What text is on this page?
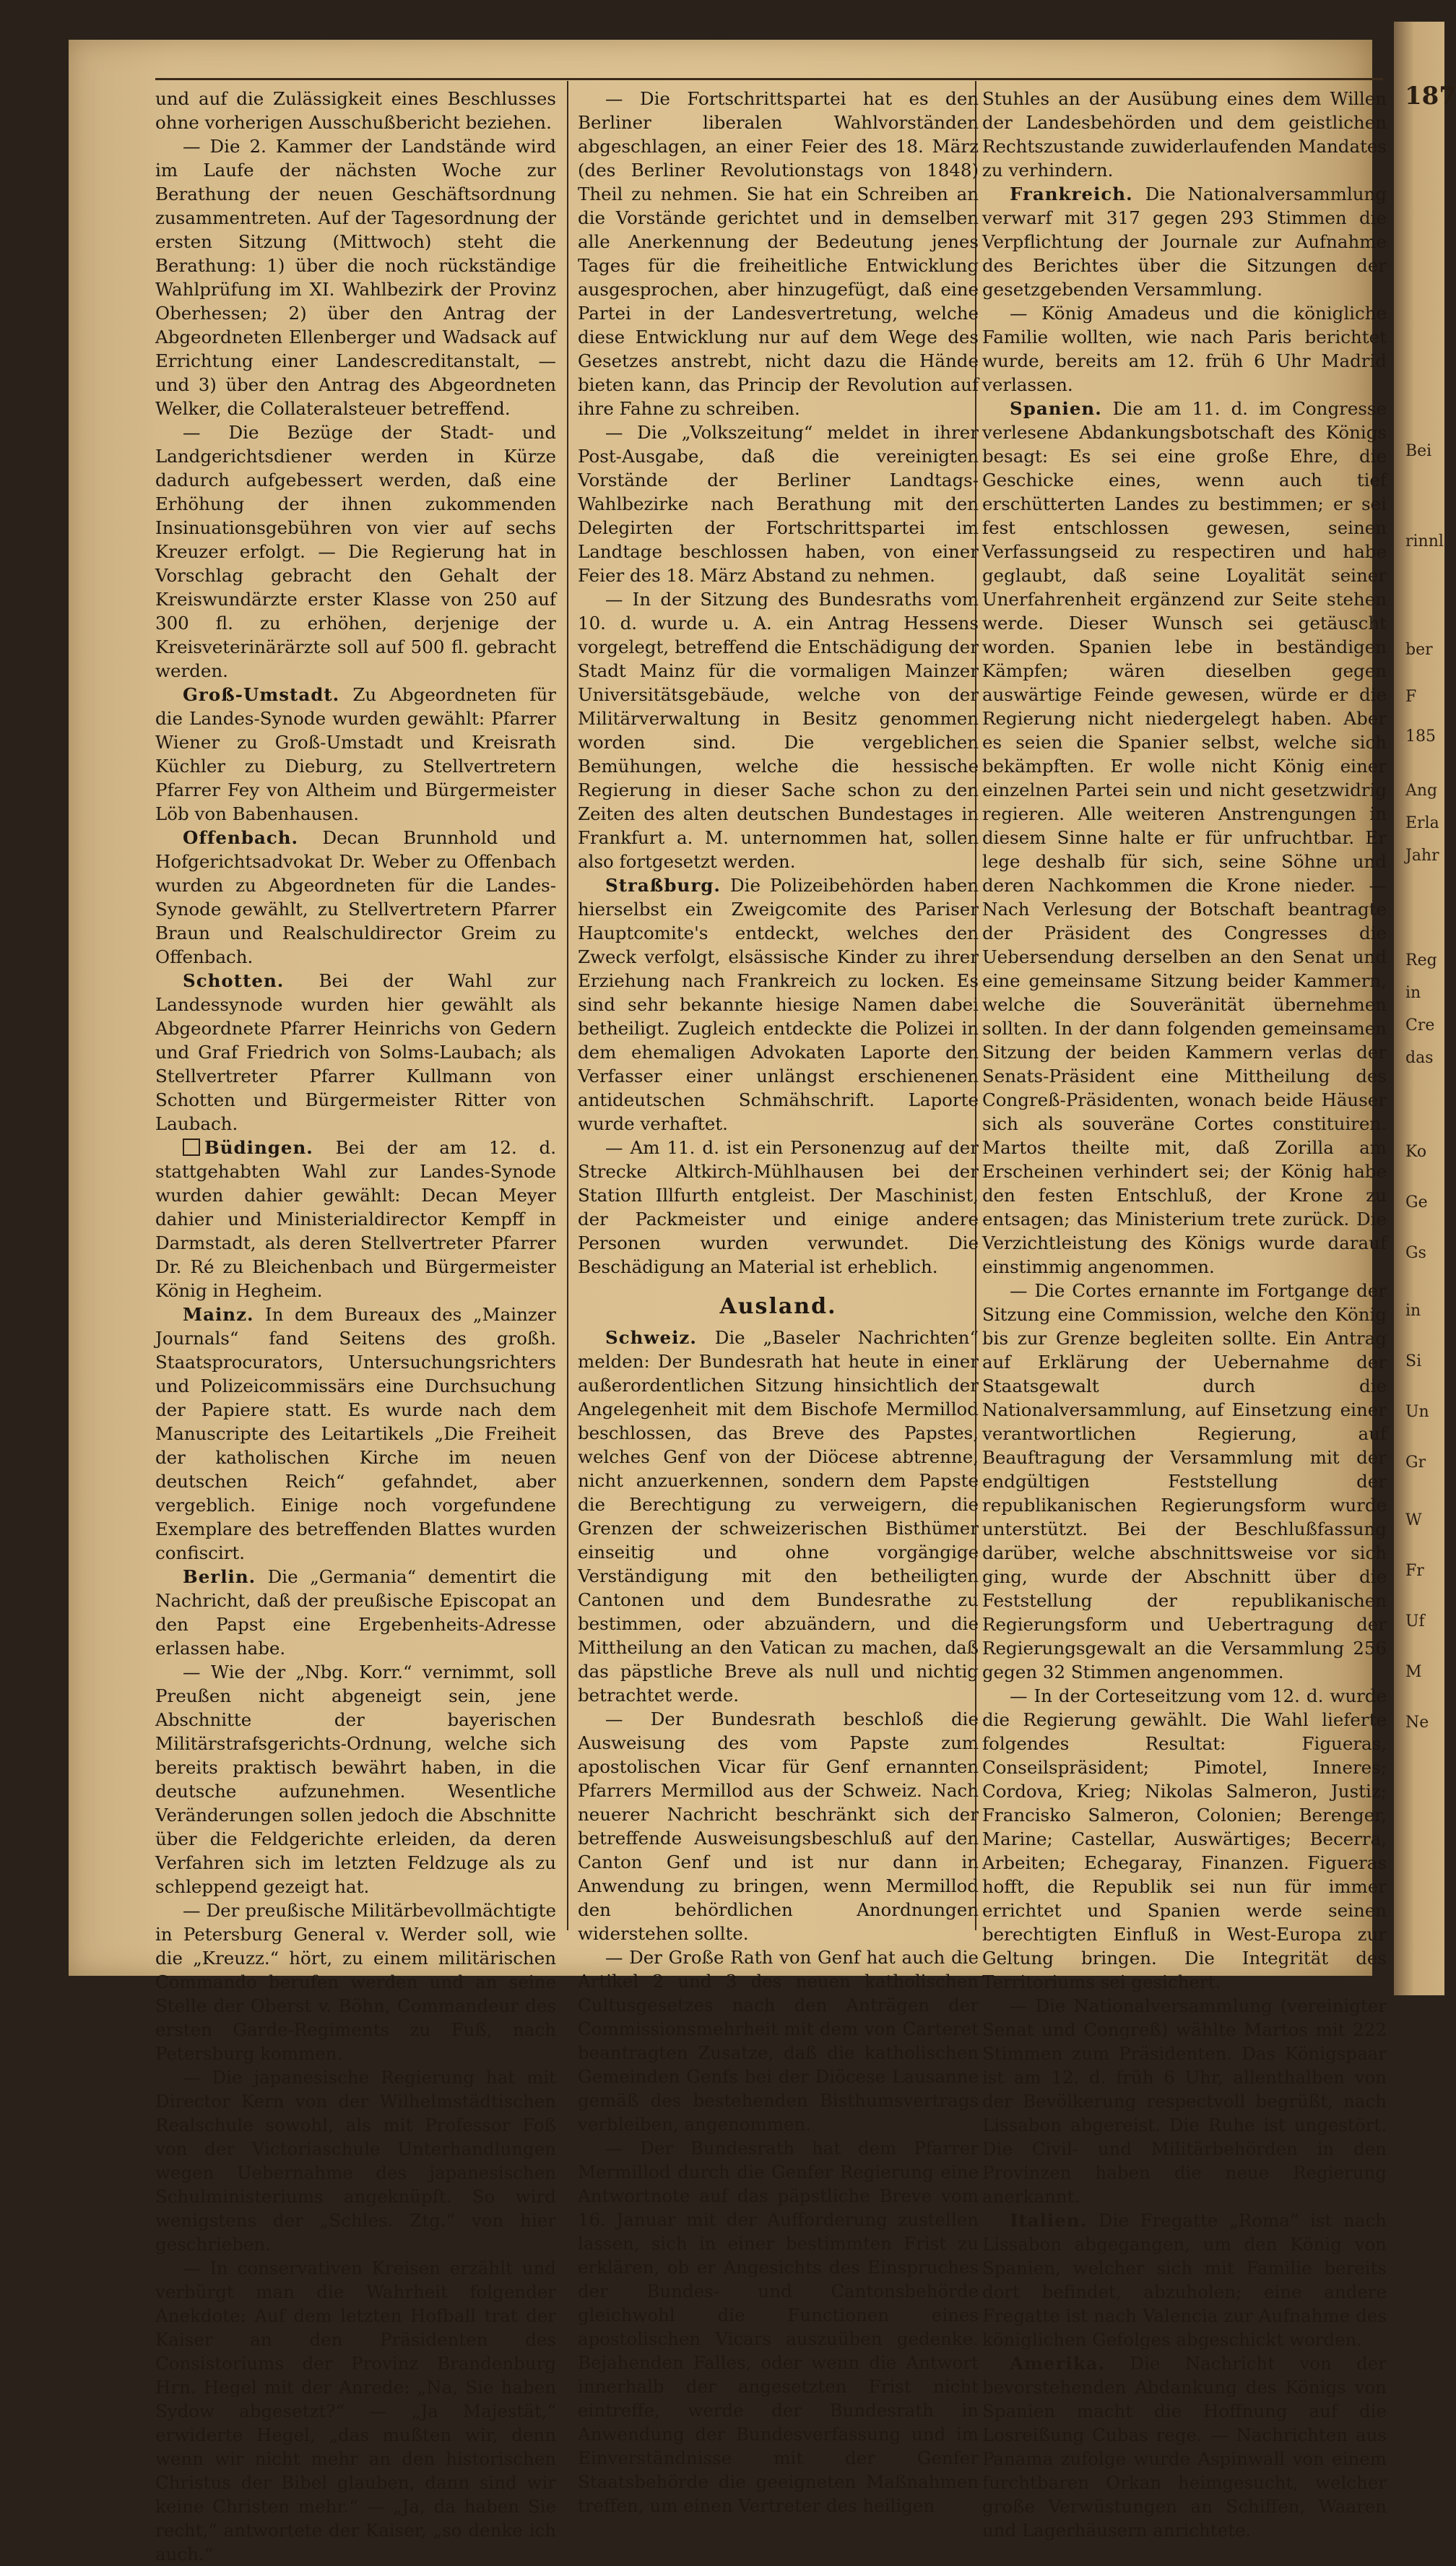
187

und auf die Zulässigkeit eines Beschlusses ohne vorherigen Ausschußbericht beziehen.

— Die 2. Kammer der Landstände wird im Laufe der nächsten Woche zur Berathung der neuen Geschäftsordnung zusammentreten. Auf der Tagesordnung der ersten Sitzung (Mittwoch) steht die Berathung: 1) über die noch rückständige Wahlprüfung im XI. Wahlbezirk der Provinz Oberhessen; 2) über den Antrag der Abgeordneten Ellenberger und Wadsack auf Errichtung einer Landescreditanstalt, — und 3) über den Antrag des Abgeordneten Welker, die Collateralsteuer betreffend.

— Die Bezüge der Stadt- und Landgerichtsdiener werden in Kürze dadurch aufgebessert werden, daß eine Erhöhung der ihnen zukommenden Insinuationsgebühren von vier auf sechs Kreuzer erfolgt. — Die Regierung hat in Vorschlag gebracht den Gehalt der Kreiswundärzte erster Klasse von 250 auf 300 fl. zu erhöhen, derjenige der Kreisveterinärärzte soll auf 500 fl. gebracht werden.

Groß-Umstadt. Zu Abgeordneten für die Landes-Synode wurden gewählt: Pfarrer Wiener zu Groß-Umstadt und Kreisrath Küchler zu Dieburg, zu Stellvertretern Pfarrer Fey von Altheim und Bürgermeister Löb von Babenhausen.

Offenbach. Decan Brunnhold und Hofgerichtsadvokat Dr. Weber zu Offenbach wurden zu Abgeordneten für die Landes-Synode gewählt, zu Stellvertretern Pfarrer Braun und Realschuldirector Greim zu Offenbach.

Schotten. Bei der Wahl zur Landessynode wurden hier gewählt als Abgeordnete Pfarrer Heinrichs von Gedern und Graf Friedrich von Solms-Laubach; als Stellvertreter Pfarrer Kullmann von Schotten und Bürgermeister Ritter von Laubach.

Büdingen. Bei der am 12. d. stattgehabten Wahl zur Landes-Synode wurden dahier gewählt: Decan Meyer dahier und Ministerialdirector Kempff in Darmstadt, als deren Stellvertreter Pfarrer Dr. Ré zu Bleichenbach und Bürgermeister König in Hegheim.

Mainz. In dem Bureaux des „Mainzer Journals“ fand Seitens des großh. Staatsprocurators, Untersuchungsrichters und Polizeicommissärs eine Durchsuchung der Papiere statt. Es wurde nach dem Manuscripte des Leitartikels „Die Freiheit der katholischen Kirche im neuen deutschen Reich“ gefahndet, aber vergeblich. Einige noch vorgefundene Exemplare des betreffenden Blattes wurden confiscirt.

Berlin. Die „Germania“ dementirt die Nachricht, daß der preußische Episcopat an den Papst eine Ergebenheits-Adresse erlassen habe.

— Wie der „Nbg. Korr.“ vernimmt, soll Preußen nicht abgeneigt sein, jene Abschnitte der bayerischen Militärstrafsgerichts-Ordnung, welche sich bereits praktisch bewährt haben, in die deutsche aufzunehmen. Wesentliche Veränderungen sollen jedoch die Abschnitte über die Feldgerichte erleiden, da deren Verfahren sich im letzten Feldzuge als zu schleppend gezeigt hat.

— Der preußische Militärbevollmächtigte in Petersburg General v. Werder soll, wie die „Kreuzz.“ hört, zu einem militärischen Commando berufen werden und an seine Stelle der Oberst v. Böhn, Commandeur des ersten Garde-Regiments zu Fuß, nach Petersburg kommen.

— Die japanesische Regierung hat mit Director Kern von der Wilhelmstädtischen Realschule sowohl, als mit Professor Foß von der Victoriaschule Unterhandlungen wegen Uebernahme des japanesischen Schulministeriums angeknüpft. So wird wenigstens der „Schles. Ztg.“ von hier geschrieben.

— In conservativen Kreisen erzählt und verbürgt man die Wahrheit folgender Anekdote: Auf dem letzten Hofball trat der Kaiser an den Präsidenten des Consistoriums der Provinz Brandenburg Hrn. Hegel mit der Anrede: „Na, Sie haben Sydow abgesetzt?“ — „Ja Majestät,“ erwiderte Hegel, „das mußten wir, denn wenn wir nicht mehr an den historischen Christus der Bibel glauben, dann sind wir keine Christen mehr.“ — „Ja, da haben Sie recht,“ antwortete der Kaiser, „so denke ich auch.“

— Die Fortschrittspartei hat es den Berliner liberalen Wahlvorständen abgeschlagen, an einer Feier des 18. März (des Berliner Revolutionstags von 1848) Theil zu nehmen. Sie hat ein Schreiben an die Vorstände gerichtet und in demselben alle Anerkennung der Bedeutung jenes Tages für die freiheitliche Entwicklung ausgesprochen, aber hinzugefügt, daß eine Partei in der Landesvertretung, welche diese Entwicklung nur auf dem Wege des Gesetzes anstrebt, nicht dazu die Hände bieten kann, das Princip der Revolution auf ihre Fahne zu schreiben.

— Die „Volkszeitung“ meldet in ihrer Post-Ausgabe, daß die vereinigten Vorstände der Berliner Landtags-Wahlbezirke nach Berathung mit den Delegirten der Fortschrittspartei im Landtage beschlossen haben, von einer Feier des 18. März Abstand zu nehmen.

— In der Sitzung des Bundesraths vom 10. d. wurde u. A. ein Antrag Hessens vorgelegt, betreffend die Entschädigung der Stadt Mainz für die vormaligen Mainzer Universitätsgebäude, welche von der Militärverwaltung in Besitz genommen worden sind. Die vergeblichen Bemühungen, welche die hessische Regierung in dieser Sache schon zu den Zeiten des alten deutschen Bundestages in Frankfurt a. M. unternommen hat, sollen also fortgesetzt werden.

Straßburg. Die Polizeibehörden haben hierselbst ein Zweigcomite des Pariser Hauptcomite's entdeckt, welches den Zweck verfolgt, elsässische Kinder zu ihrer Erziehung nach Frankreich zu locken. Es sind sehr bekannte hiesige Namen dabei betheiligt. Zugleich entdeckte die Polizei in dem ehemaligen Advokaten Laporte den Verfasser einer unlängst erschienenen antideutschen Schmähschrift. Laporte wurde verhaftet.

— Am 11. d. ist ein Personenzug auf der Strecke Altkirch-Mühlhausen bei der Station Illfurth entgleist. Der Maschinist, der Packmeister und einige andere Personen wurden verwundet. Die Beschädigung an Material ist erheblich.

Ausland.

Schweiz. Die „Baseler Nachrichten“ melden: Der Bundesrath hat heute in einer außerordentlichen Sitzung hinsichtlich der Angelegenheit mit dem Bischofe Mermillod beschlossen, das Breve des Papstes, welches Genf von der Diöcese abtrenne, nicht anzuerkennen, sondern dem Papste die Berechtigung zu verweigern, die Grenzen der schweizerischen Bisthümer einseitig und ohne vorgängige Verständigung mit den betheiligten Cantonen und dem Bundesrathe zu bestimmen, oder abzuändern, und die Mittheilung an den Vatican zu machen, daß das päpstliche Breve als null und nichtig betrachtet werde.

— Der Bundesrath beschloß die Ausweisung des vom Papste zum apostolischen Vicar für Genf ernannten Pfarrers Mermillod aus der Schweiz. Nach neuerer Nachricht beschränkt sich der betreffende Ausweisungsbeschluß auf den Canton Genf und ist nur dann in Anwendung zu bringen, wenn Mermillod den behördlichen Anordnungen widerstehen sollte.

— Der Große Rath von Genf hat auch die Artikel 2 und 3 des neuen katholischen Cultusgesetzes nach den Anträgen der Commissionsmehrheit mit dem von Carteret beantragten Zusatze, daß die katholischen Gemeinden Genfs bei der Diöcese Lausanne gemäß des bestehenden Bisthumsvertrags verbleiben, angenommen.

— Der Bundesrath hat dem Pfarrer Mermillod durch die Genfer Regierung eine Antwortnote auf das päpstliche Breve vom 16. Januar mit der Aufforderung zustellen lassen, sich in einer bestimmten Frist zu erklären, ob er Angesichts des Einspruches der Bundes- und Cantonsbehörde gleichwohl die Functionen eines apostolischen Vicars auszuüben gedenke. Bejahenden Falles, oder wenn die Antwort innerhalb der angesetzten Frist nicht eintreffe, werde der Bundesrath in Anwendung der Bundesverfassung und im Einverständnisse mit der Genfer Staatsbehörde die geeigneten Maßnahmen treffen, um einen Vertreter des heiligen

Stuhles an der Ausübung eines dem Willen der Landesbehörden und dem geistlichen Rechtszustande zuwiderlaufenden Mandates zu verhindern.

Frankreich. Die Nationalversammlung verwarf mit 317 gegen 293 Stimmen die Verpflichtung der Journale zur Aufnahme des Berichtes über die Sitzungen der gesetzgebenden Versammlung.

— König Amadeus und die königliche Familie wollten, wie nach Paris berichtet wurde, bereits am 12. früh 6 Uhr Madrid verlassen.

Spanien. Die am 11. d. im Congresse verlesene Abdankungsbotschaft des Königs besagt: Es sei eine große Ehre, die Geschicke eines, wenn auch tief erschütterten Landes zu bestimmen; er sei fest entschlossen gewesen, seinen Verfassungseid zu respectiren und habe geglaubt, daß seine Loyalität seiner Unerfahrenheit ergänzend zur Seite stehen werde. Dieser Wunsch sei getäuscht worden. Spanien lebe in beständigen Kämpfen; wären dieselben gegen auswärtige Feinde gewesen, würde er die Regierung nicht niedergelegt haben. Aber es seien die Spanier selbst, welche sich bekämpften. Er wolle nicht König einer einzelnen Partei sein und nicht gesetzwidrig regieren. Alle weiteren Anstrengungen in diesem Sinne halte er für unfruchtbar. Er lege deshalb für sich, seine Söhne und deren Nachkommen die Krone nieder. — Nach Verlesung der Botschaft beantragte der Präsident des Congresses die Uebersendung derselben an den Senat und eine gemeinsame Sitzung beider Kammern, welche die Souveränität übernehmen sollten. In der dann folgenden gemeinsamen Sitzung der beiden Kammern verlas der Senats-Präsident eine Mittheilung des Congreß-Präsidenten, wonach beide Häuser sich als souveräne Cortes constituiren. Martos theilte mit, daß Zorilla am Erscheinen verhindert sei; der König habe den festen Entschluß, der Krone zu entsagen; das Ministerium trete zurück. Die Verzichtleistung des Königs wurde darauf einstimmig angenommen.

— Die Cortes ernannte im Fortgange der Sitzung eine Commission, welche den König bis zur Grenze begleiten sollte. Ein Antrag auf Erklärung der Uebernahme der Staatsgewalt durch die Nationalversammlung, auf Einsetzung einer verantwortlichen Regierung, auf Beauftragung der Versammlung mit der endgültigen Feststellung der republikanischen Regierungsform wurde unterstützt. Bei der Beschlußfassung darüber, welche abschnittsweise vor sich ging, wurde der Abschnitt über die Feststellung der republikanischen Regierungsform und Uebertragung der Regierungsgewalt an die Versammlung 256 gegen 32 Stimmen angenommen.

— In der Corteseitzung vom 12. d. wurde die Regierung gewählt. Die Wahl lieferte folgendes Resultat: Figueras, Conseilspräsident; Pimotel, Inneres; Cordova, Krieg; Nikolas Salmeron, Justiz; Francisko Salmeron, Colonien; Berenger, Marine; Castellar, Auswärtiges; Becerra, Arbeiten; Echegaray, Finanzen. Figueras hofft, die Republik sei nun für immer errichtet und Spanien werde seinen berechtigten Einfluß in West-Europa zur Geltung bringen. Die Integrität des Territoriums sei gesichert.

— Die Nationalversammlung (vereinigter Senat und Congreß) wählte Martos mit 222 Stimmen zum Präsidenten. Das Königspaar ist am 12. d. früh 6 Uhr, allenthalben von der Bevölkerung respectvoll begrüßt, nach Lissabon abgereist. Die Ruhe ist ungestört. Die Civil- und Militärbehörden in den Provinzen haben die neue Regierung anerkannt.

Italien. Die Fregatte „Roma“ ist nach Lissabon abgegangen, um den König von Spanien, welcher sich mit Familie bereits dort befindet, abzuholen; eine andere Fregatte ist nach Valencia zur Aufnahme des königlichen Gefolges abgeschickt worden.

Amerika. Die Nachricht von der bevorstehenden Abdankung des Königs von Spanien macht die Hoffnung auf die Losreißung Cubas rege. — Nachrichten aus Panama zufolge wurde Aspinwall von einem furchtbaren Orkan heimgesucht, welcher große Verwüstungen an Schiffen, Waaren und Lagerhäusern anrichtete.

Bei
rinnl
ber
F
185
Ang
Erla
Jahr
Reg
in
Cre
das
Ko
Ge
Gs
in
Si
Un
Gr
W
Fr
Uf
M
Ne
